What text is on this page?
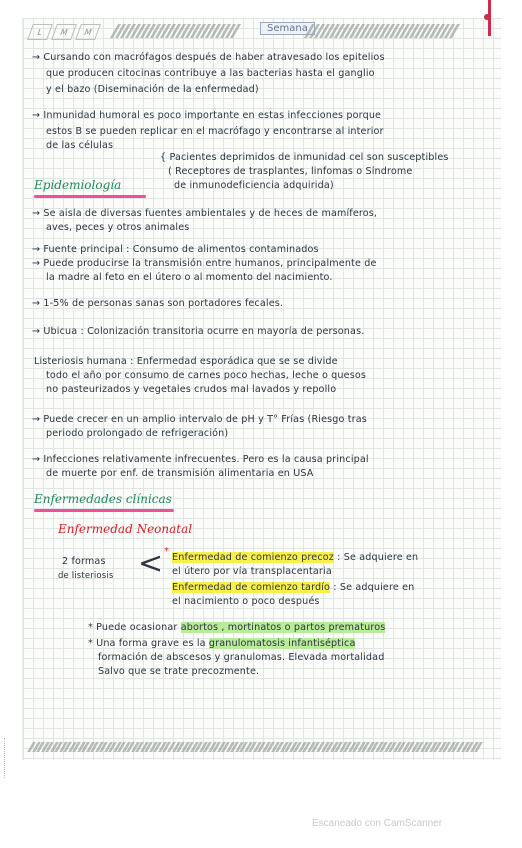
L	M	M	Semana
→ Cursando con macrófagos después de haber atravesado los epitelios
que producen citocinas contribuye a las bacterias hasta el ganglio
y el bazo (Diseminación de la enfermedad)
→ Inmunidad humoral es poco importante en estas infecciones porque
estos B se pueden replicar en el macrófago y encontrarse al interior
de las células
{ Pacientes deprimidos de inmunidad cel son susceptibles
( Receptores de trasplantes, linfomas o Síndrome
de inmunodeficiencia adquirida)
Epidemiología
→ Se aisla de diversas fuentes ambientales y de heces de mamíferos,
aves, peces y otros animales
→ Fuente principal : Consumo de alimentos contaminados
→ Puede producirse la transmisión entre humanos, principalmente de
la madre al feto en el útero o al momento del nacimiento.
→ 1-5% de personas sanas son portadores fecales.
→ Ubicua : Colonización transitoria ocurre en mayoría de personas.
Listeriosis humana : Enfermedad esporádica que se se divide
todo el año por consumo de carnes poco hechas, leche o quesos
no pasteurizados y vegetales crudos mal lavados y repollo
→ Puede crecer en un amplio intervalo de pH y T° Frías (Riesgo tras
periodo prolongado de refrigeración)
→ Infecciones relativamente infrecuentes. Pero es la causa principal
de muerte por enf. de transmisión alimentaria en USA
Enfermedades clínicas
Enfermedad Neonatal
2 formas
de listeriosis < *
Enfermedad de comienzo precoz : Se adquiere en
el útero por vía transplacentaria
Enfermedad de comienzo tardío : Se adquiere en
el nacimiento o poco después
* Puede ocasionar abortos , mortinatos o partos prematuros
* Una forma grave es la granulomatosis infantiséptica
formación de abscesos y granulomas. Elevada mortalidad
Salvo que se trate precozmente.
Escaneado con CamScanner
